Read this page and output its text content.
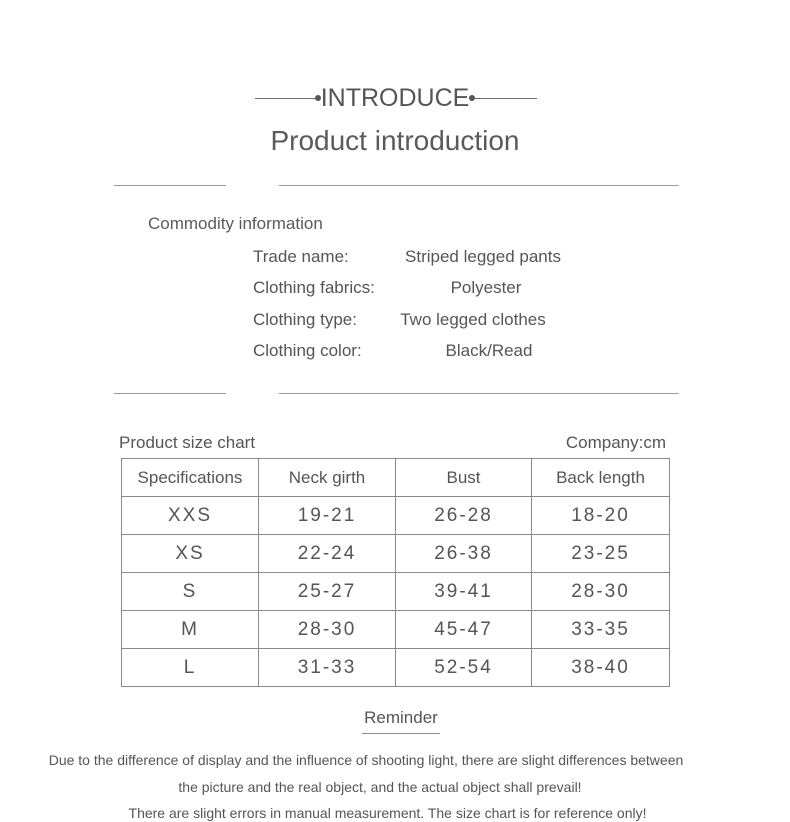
INTRODUCE
Product introduction
Commodity information
Trade name:	Striped legged pants
Clothing fabrics:	Polyester
Clothing type:	Two legged clothes
Clothing color:	Black/Read
Product size chart	Company:cm
Specifications	Neck girth	Bust	Back length
XXS	19-21	26-28	18-20
XS	22-24	26-38	23-25
S	25-27	39-41	28-30
M	28-30	45-47	33-35
L	31-33	52-54	38-40
Reminder
Due to the difference of display and the influence of shooting light, there are slight differences between
the picture and the real object, and the actual object shall prevail!
There are slight errors in manual measurement. The size chart is for reference only!
